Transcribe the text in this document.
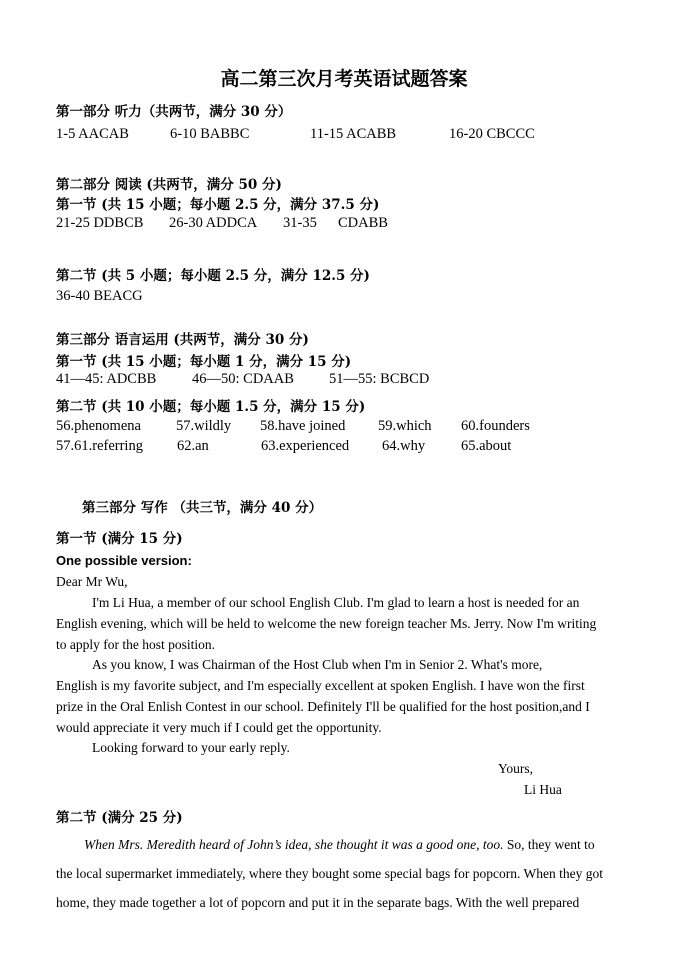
高二第三次月考英语试题答案
第一部分 听力（共两节，满分 30 分）
1-5 AACAB	6-10 BABBC	11-15 ACABB	16-20 CBCCC
第二部分 阅读 (共两节，满分 50 分)
第一节 (共 15 小题；每小题 2.5 分，满分 37.5 分)
21-25 DDBCB 26-30 ADDCA 31-35 CDABB
第二节 (共 5 小题；每小题 2.5 分，满分 12.5 分)
36-40 BEACG
第三部分 语言运用 (共两节，满分 30 分)
第一节 (共 15 小题；每小题 1 分，满分 15 分)
41—45: ADCBB 46—50: CDAAB 51—55: BCBCD
第二节 (共 10 小题；每小题 1.5 分，满分 15 分)
56.phenomena 57.wildly 58.have joined 59.which 60.founders
57.61.referring 62.an	63.experienced 64.why 65.about
第三部分 写作 （共三节，满分 40 分）
第一节 (满分 15 分)
One possible version:
Dear Mr Wu,
I'm Li Hua, a member of our school English Club. I'm glad to learn a host is needed for an
English evening, which will be held to welcome the new foreign teacher Ms. Jerry. Now I'm writing
to apply for the host position.
As you know, I was Chairman of the Host Club when I'm in Senior 2. What's more,
English is my favorite subject, and I'm especially excellent at spoken English. I have won the first
prize in the Oral Enlish Contest in our school. Definitely I'll be qualified for the host position,and I
would appreciate it very much if I could get the opportunity.
Looking forward to your early reply.
Yours,
Li Hua
第二节 (满分 25 分)
When Mrs. Meredith heard of John’s idea, she thought it was a good one, too. So, they went to
the local supermarket immediately, where they bought some special bags for popcorn. When they got
home, they made together a lot of popcorn and put it in the separate bags. With the well prepared
